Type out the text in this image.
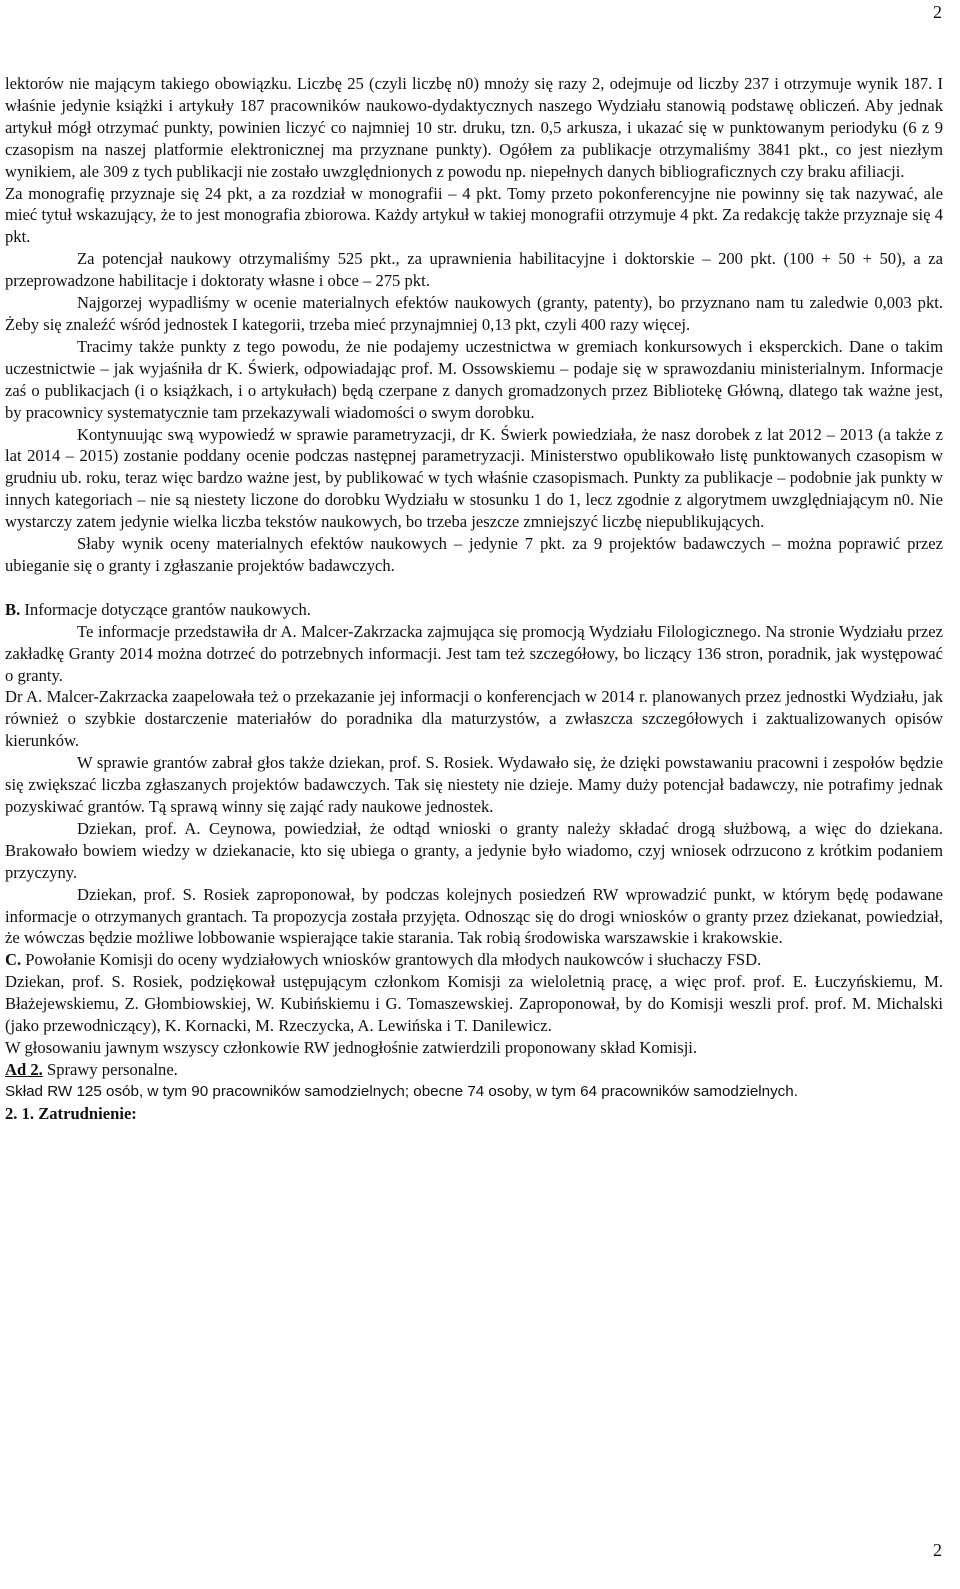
2

lektorów nie mającym takiego obowiązku. Liczbę 25 (czyli liczbę n0) mnoży się razy 2, odejmuje od liczby 237 i otrzymuje wynik 187. I właśnie jedynie książki i artykuły 187 pracowników naukowo-dydaktycznych naszego Wydziału stanowią podstawę obliczeń. Aby jednak artykuł mógł otrzymać punkty, powinien liczyć co najmniej 10 str. druku, tzn. 0,5 arkusza, i ukazać się w punktowanym periodyku (6 z 9 czasopism na naszej platformie elektronicznej ma przyznane punkty). Ogółem za publikacje otrzymaliśmy 3841 pkt., co jest niezłym wynikiem, ale 309 z tych publikacji nie zostało uwzględnionych z powodu np. niepełnych danych bibliograficznych czy braku afiliacji.

Za monografię przyznaje się 24 pkt, a za rozdział w monografii – 4 pkt. Tomy przeto pokonferencyjne nie powinny się tak nazywać, ale mieć tytuł wskazujący, że to jest monografia zbiorowa. Każdy artykuł w takiej monografii otrzymuje 4 pkt. Za redakcję także przyznaje się 4 pkt.

Za potencjał naukowy otrzymaliśmy 525 pkt., za uprawnienia habilitacyjne i doktorskie – 200 pkt. (100 + 50 + 50), a za przeprowadzone habilitacje i doktoraty własne i obce – 275 pkt.

Najgorzej wypadliśmy w ocenie materialnych efektów naukowych (granty, patenty), bo przyznano nam tu zaledwie 0,003 pkt. Żeby się znaleźć wśród jednostek I kategorii, trzeba mieć przynajmniej 0,13 pkt, czyli 400 razy więcej.

Tracimy także punkty z tego powodu, że nie podajemy uczestnictwa w gremiach konkursowych i eksperckich. Dane o takim uczestnictwie – jak wyjaśniła dr K. Świerk, odpowiadając prof. M. Ossowskiemu – podaje się w sprawozdaniu ministerialnym. Informacje zaś o publikacjach (i o książkach, i o artykułach) będą czerpane z danych gromadzonych przez Bibliotekę Główną, dlatego tak ważne jest, by pracownicy systematycznie tam przekazywali wiadomości o swym dorobku.

Kontynuując swą wypowiedź w sprawie parametryzacji, dr K. Świerk powiedziała, że nasz dorobek z lat 2012 – 2013 (a także z lat 2014 – 2015) zostanie poddany ocenie podczas następnej parametryzacji. Ministerstwo opublikowało listę punktowanych czasopism w grudniu ub. roku, teraz więc bardzo ważne jest, by publikować w tych właśnie czasopismach. Punkty za publikacje – podobnie jak punkty w innych kategoriach – nie są niestety liczone do dorobku Wydziału w stosunku 1 do 1, lecz zgodnie z algorytmem uwzględniającym n0. Nie wystarczy zatem jedynie wielka liczba tekstów naukowych, bo trzeba jeszcze zmniejszyć liczbę niepublikujących.

Słaby wynik oceny materialnych efektów naukowych – jedynie 7 pkt. za 9 projektów badawczych – można poprawić przez ubieganie się o granty i zgłaszanie projektów badawczych.

B. Informacje dotyczące grantów naukowych.

Te informacje przedstawiła dr A. Malcer-Zakrzacka zajmująca się promocją Wydziału Filologicznego. Na stronie Wydziału przez zakładkę Granty 2014 można dotrzeć do potrzebnych informacji. Jest tam też szczegółowy, bo liczący 136 stron, poradnik, jak występować o granty.

Dr A. Malcer-Zakrzacka zaapelowała też o przekazanie jej informacji o konferencjach w 2014 r. planowanych przez jednostki Wydziału, jak również o szybkie dostarczenie materiałów do poradnika dla maturzystów, a zwłaszcza szczegółowych i zaktualizowanych opisów kierunków.

W sprawie grantów zabrał głos także dziekan, prof. S. Rosiek. Wydawało się, że dzięki powstawaniu pracowni i zespołów będzie się zwiększać liczba zgłaszanych projektów badawczych. Tak się niestety nie dzieje. Mamy duży potencjał badawczy, nie potrafimy jednak pozyskiwać grantów. Tą sprawą winny się zająć rady naukowe jednostek.

Dziekan, prof. A. Ceynowa, powiedział, że odtąd wnioski o granty należy składać drogą służbową, a więc do dziekana. Brakowało bowiem wiedzy w dziekanacie, kto się ubiega o granty, a jedynie było wiadomo, czyj wniosek odrzucono z krótkim podaniem przyczyny.

Dziekan, prof. S. Rosiek zaproponował, by podczas kolejnych posiedzeń RW wprowadzić punkt, w którym będę podawane informacje o otrzymanych grantach. Ta propozycja została przyjęta. Odnosząc się do drogi wniosków o granty przez dziekanat, powiedział, że wówczas będzie możliwe lobbowanie wspierające takie starania. Tak robią środowiska warszawskie i krakowskie.

C. Powołanie Komisji do oceny wydziałowych wniosków grantowych dla młodych naukowców i słuchaczy FSD.

Dziekan, prof. S. Rosiek, podziękował ustępującym członkom Komisji za wieloletnią pracę, a więc prof. prof. E. Łuczyńskiemu, M. Błażejewskiemu, Z. Głombiowskiej, W. Kubińskiemu i G. Tomaszewskiej. Zaproponował, by do Komisji weszli prof. prof. M. Michalski (jako przewodniczący), K. Kornacki, M. Rzeczycka, A. Lewińska i T. Danilewicz.

W głosowaniu jawnym wszyscy członkowie RW jednogłośnie zatwierdzili proponowany skład Komisji.

Ad 2. Sprawy personalne.

Skład RW 125 osób, w tym 90 pracowników samodzielnych; obecne 74 osoby, w tym 64 pracowników samodzielnych.

2. 1. Zatrudnienie:

2
